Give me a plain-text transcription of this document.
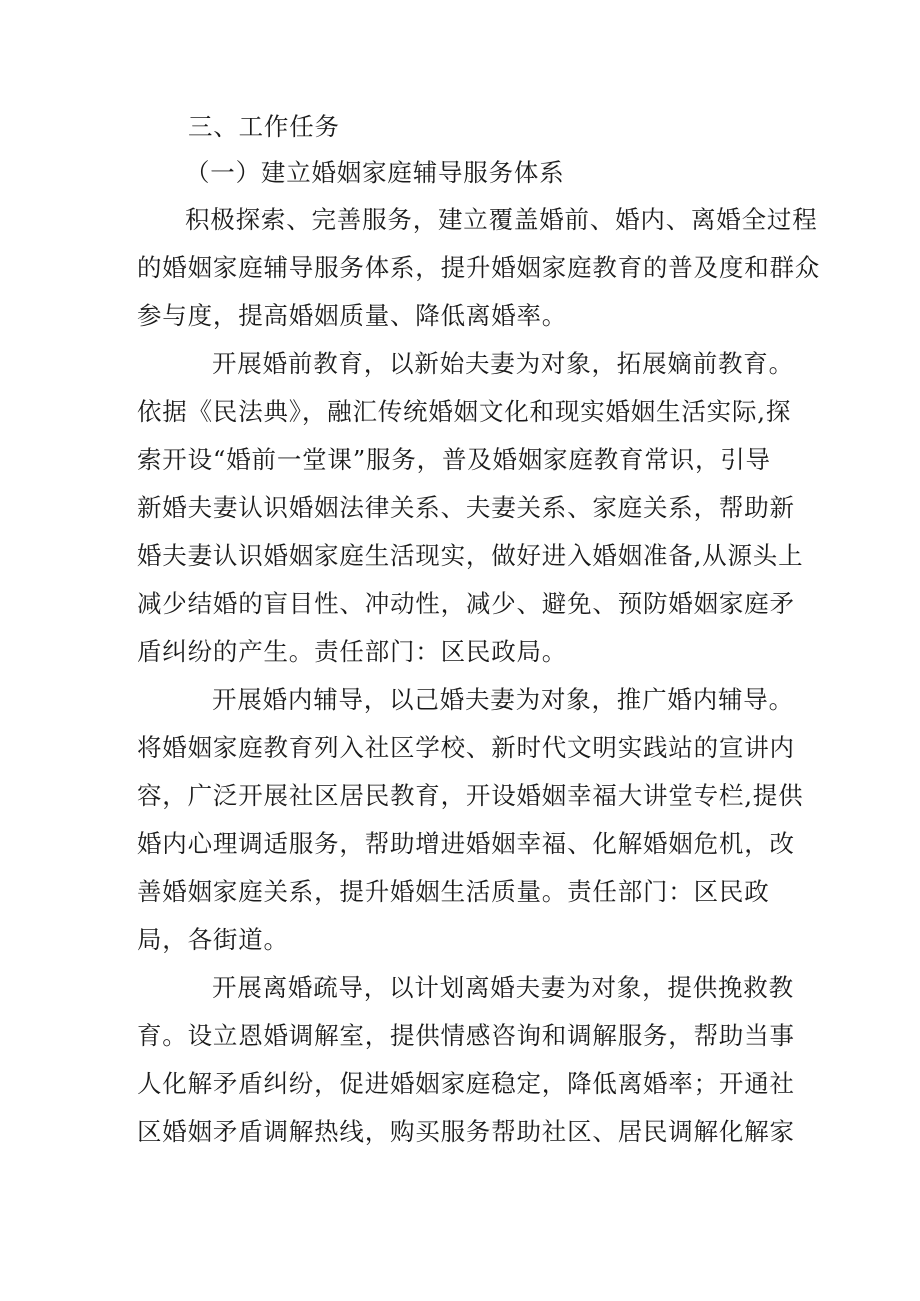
三、工作任务
（一）建立婚姻家庭辅导服务体系
积极探索、完善服务，建立覆盖婚前、婚内、离婚全过程
的婚姻家庭辅导服务体系，提升婚姻家庭教育的普及度和群众
参与度，提高婚姻质量、降低离婚率。
开展婚前教育，以新始夫妻为对象，拓展嫡前教育。
依据《民法典》，融汇传统婚姻文化和现实婚姻生活实际,探
索开设“婚前一堂课”服务，普及婚姻家庭教育常识，引导
新婚夫妻认识婚姻法律关系、夫妻关系、家庭关系，帮助新
婚夫妻认识婚姻家庭生活现实，做好进入婚姻准备,从源头上
减少结婚的盲目性、冲动性，减少、避免、预防婚姻家庭矛
盾纠纷的产生。责任部门：区民政局。
开展婚内辅导，以己婚夫妻为对象，推广婚内辅导。
将婚姻家庭教育列入社区学校、新时代文明实践站的宣讲内
容，广泛开展社区居民教育，开设婚姻幸福大讲堂专栏,提供
婚内心理调适服务，帮助增进婚姻幸福、化解婚姻危机，改
善婚姻家庭关系，提升婚姻生活质量。责任部门：区民政
局，各街道。
开展离婚疏导，以计划离婚夫妻为对象，提供挽救教
育。设立恩婚调解室，提供情感咨询和调解服务，帮助当事
人化解矛盾纠纷，促进婚姻家庭稳定，降低离婚率；开通社
区婚姻矛盾调解热线，购买服务帮助社区、居民调解化解家
